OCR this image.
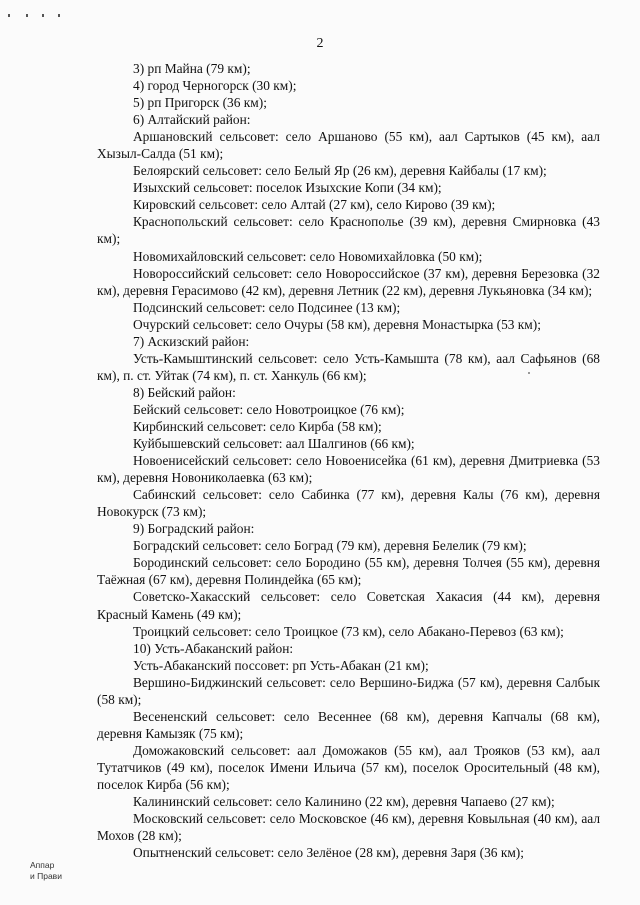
2

3) рп Майна (79 км);

4) город Черногорск (30 км);

5) рп Пригорск (36 км);

6) Алтайский район:

Аршановский сельсовет: село Аршаново (55 км), аал Сартыков (45 км), аал Хызыл-Салда (51 км);

Белоярский сельсовет: село Белый Яр (26 км), деревня Кайбалы (17 км);

Изыхский сельсовет: поселок Изыхские Копи (34 км);

Кировский сельсовет: село Алтай (27 км), село Кирово (39 км);

Краснопольский сельсовет: село Краснополье (39 км), деревня Смирновка (43 км);

Новомихайловский сельсовет: село Новомихайловка (50 км);

Новороссийский сельсовет: село Новороссийское (37 км), деревня Березовка (32 км), деревня Герасимово (42 км), деревня Летник (22 км), деревня Лукьяновка (34 км);

Подсинский сельсовет: село Подсинее (13 км);

Очурский сельсовет: село Очуры (58 км), деревня Монастырка (53 км);

7) Аскизский район:

Усть-Камыштинский сельсовет: село Усть-Камышта (78 км), аал Сафьянов (68 км), п. ст. Уйтак (74 км), п. ст. Ханкуль (66 км);

8) Бейский район:

Бейский сельсовет: село Новотроицкое (76 км);

Кирбинский сельсовет: село Кирба (58 км);

Куйбышевский сельсовет: аал Шалгинов (66 км);

Новоенисейский сельсовет: село Новоенисейка (61 км), деревня Дмитриевка (53 км), деревня Новониколаевка (63 км);

Сабинский сельсовет: село Сабинка (77 км), деревня Калы (76 км), деревня Новокурск (73 км);

9) Боградский район:

Боградский сельсовет: село Боград (79 км), деревня Белелик (79 км);

Бородинский сельсовет: село Бородино (55 км), деревня Толчея (55 км), деревня Таёжная (67 км), деревня Полиндейка (65 км);

Советско-Хакасский сельсовет: село Советская Хакасия (44 км), деревня Красный Камень (49 км);

Троицкий сельсовет: село Троицкое (73 км), село Абакано-Перевоз (63 км);

10) Усть-Абаканский район:

Усть-Абаканский поссовет: рп Усть-Абакан (21 км);

Вершино-Биджинский сельсовет: село Вершино-Биджа (57 км), деревня Салбык (58 км);

Весененский сельсовет: село Весеннее (68 км), деревня Капчалы (68 км), деревня Камызяк (75 км);

Доможаковский сельсовет: аал Доможаков (55 км), аал Трояков (53 км), аал Тутатчиков (49 км), поселок Имени Ильича (57 км), поселок Оросительный (48 км), поселок Кирба (56 км);

Калининский сельсовет: село Калинино (22 км), деревня Чапаево (27 км);

Московский сельсовет: село Московское (46 км), деревня Ковыльная (40 км), аал Мохов (28 км);

Опытненский сельсовет: село Зелёное (28 км), деревня Заря (36 км);

Аппар
и Прави
